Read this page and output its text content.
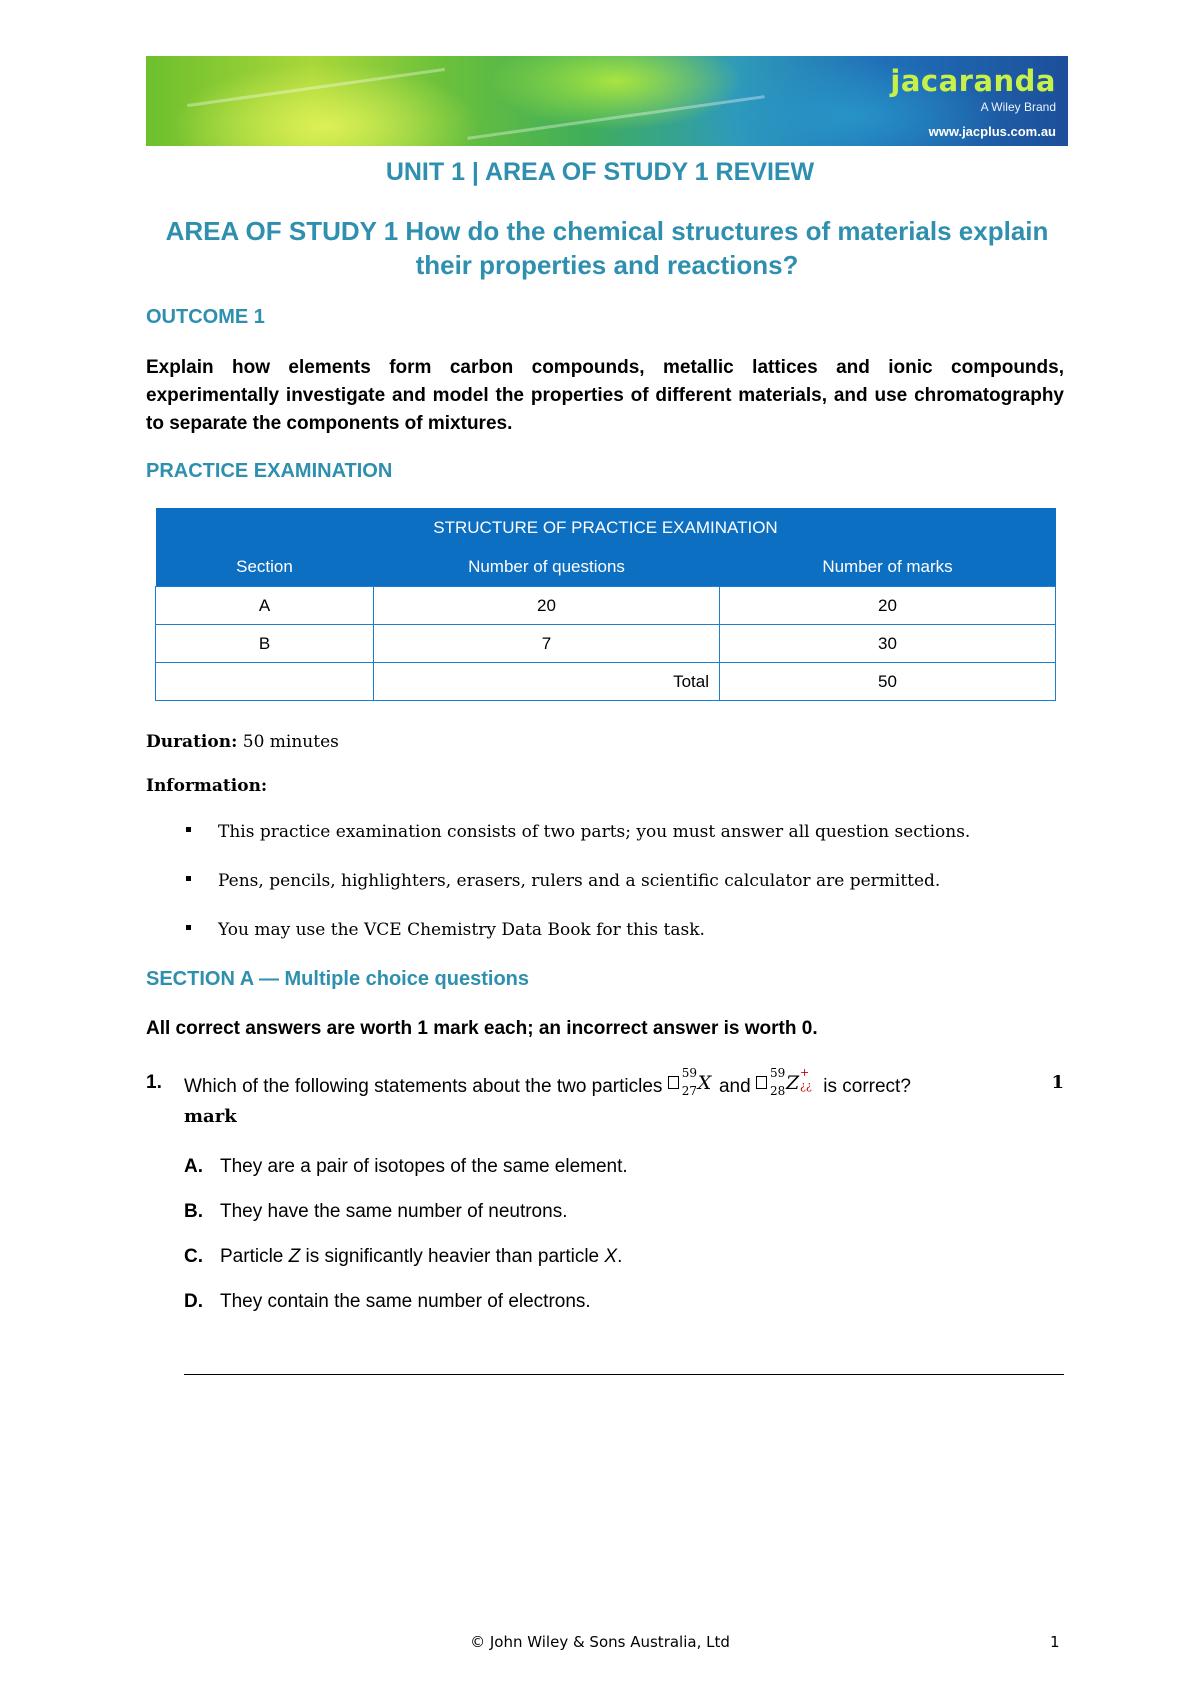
jacaranda
A Wiley Brand
www.jacplus.com.au
UNIT 1 | AREA OF STUDY 1 REVIEW
AREA OF STUDY 1 How do the chemical structures of materials explain their properties and reactions?
OUTCOME 1
Explain how elements form carbon compounds, metallic lattices and ionic compounds, experimentally investigate and model the properties of different materials, and use chromatography to separate the components of mixtures.
PRACTICE EXAMINATION
STRUCTURE OF PRACTICE EXAMINATION		
Section	Number of questions	Number of marks
A	20	20
B	7	30
	Total	50
Duration: 50 minutes
Information:
This practice examination consists of two parts; you must answer all question sections.
Pens, pencils, highlighters, erasers, rulers and a scientific calculator are permitted.
You may use the VCE Chemistry Data Book for this task.
SECTION A — Multiple choice questions
All correct answers are worth 1 mark each; an incorrect answer is worth 0.
1. Which of the following statements about the two particles
59
27 X and
59
28 Z +¿¿ is correct?	1
mark
A. They are a pair of isotopes of the same element.
B. They have the same number of neutrons.
C. Particle Z is significantly heavier than particle X.
D. They contain the same number of electrons.
© John Wiley & Sons Australia, Ltd	1
